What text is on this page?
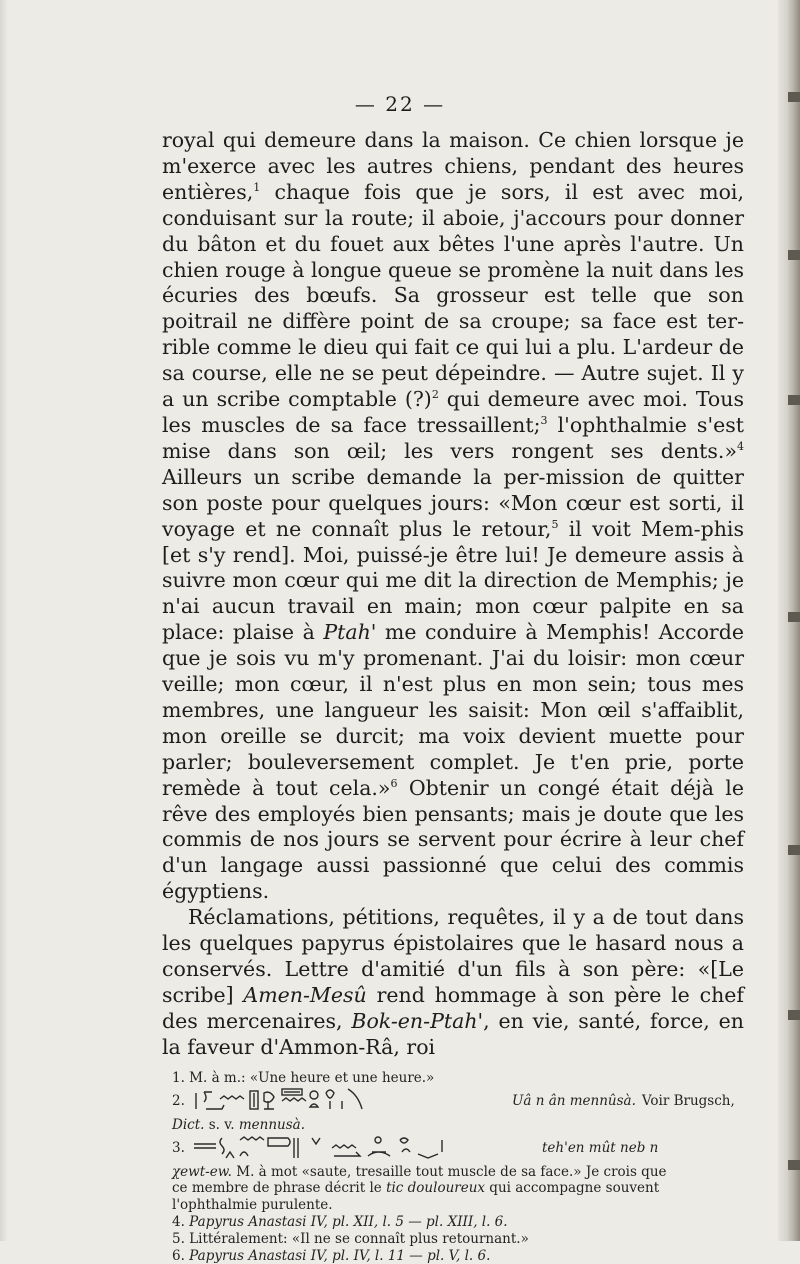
— 22 —

royal qui demeure dans la maison. Ce chien lorsque je m'exerce avec les autres chiens, pendant des heures entières,$^1$ chaque fois que je sors, il est avec moi, conduisant sur la route; il aboie, j'accours pour donner du bâton et du fouet aux bêtes l'une après l'autre. Un chien rouge à longue queue se promène la nuit dans les écuries des bœufs. Sa grosseur est telle que son poitrail ne diffère point de sa croupe; sa face est ter-rible comme le dieu qui fait ce qui lui a plu. L'ardeur de sa course, elle ne se peut dépeindre. — Autre sujet. Il y a un scribe comptable (?)$^2$ qui demeure avec moi. Tous les muscles de sa face tressaillent;$^3$ l'ophthalmie s'est mise dans son œil; les vers rongent ses dents.»$^4$ Ailleurs un scribe demande la per-mission de quitter son poste pour quelques jours: «Mon cœur est sorti, il voyage et ne connaît plus le retour,$^5$ il voit Mem-phis [et s'y rend]. Moi, puissé-je être lui! Je demeure assis à suivre mon cœur qui me dit la direction de Memphis; je n'ai aucun travail en main; mon cœur palpite en sa place: plaise à Ptah' me conduire à Memphis! Accorde que je sois vu m'y promenant. J'ai du loisir: mon cœur veille; mon cœur, il n'est plus en mon sein; tous mes membres, une langueur les saisit: Mon œil s'affaiblit, mon oreille se durcit; ma voix devient muette pour parler; bouleversement complet. Je t'en prie, porte remède à tout cela.»$^6$ Obtenir un congé était déjà le rêve des employés bien pensants; mais je doute que les commis de nos jours se servent pour écrire à leur chef d'un langage aussi passionné que celui des commis égyptiens.

Réclamations, pétitions, requêtes, il y a de tout dans les quelques papyrus épistolaires que le hasard nous a conservés. Lettre d'amitié d'un fils à son père: «[Le scribe] Amen-Mesû rend hommage à son père le chef des mercenaires, Bok-en-Ptah', en vie, santé, force, en la faveur d'Ammon-Râ, roi

1. M. à m.: «Une heure et une heure.»

2.	Uâ n ân mennûsà. Voir Brugsch,

Dict. s. v. mennusà.

3.	teh'en mût neb n

χewt-ew. M. à mot «saute, tresaille tout muscle de sa face.» Je crois que

ce membre de phrase décrit le tic douloureux qui accompagne souvent

l'ophthalmie purulente.

4. Papyrus Anastasi IV, pl. XII, l. 5 — pl. XIII, l. 6.

5. Littéralement: «Il ne se connaît plus retournant.»

6. Papyrus Anastasi IV, pl. IV, l. 11 — pl. V, l. 6.
